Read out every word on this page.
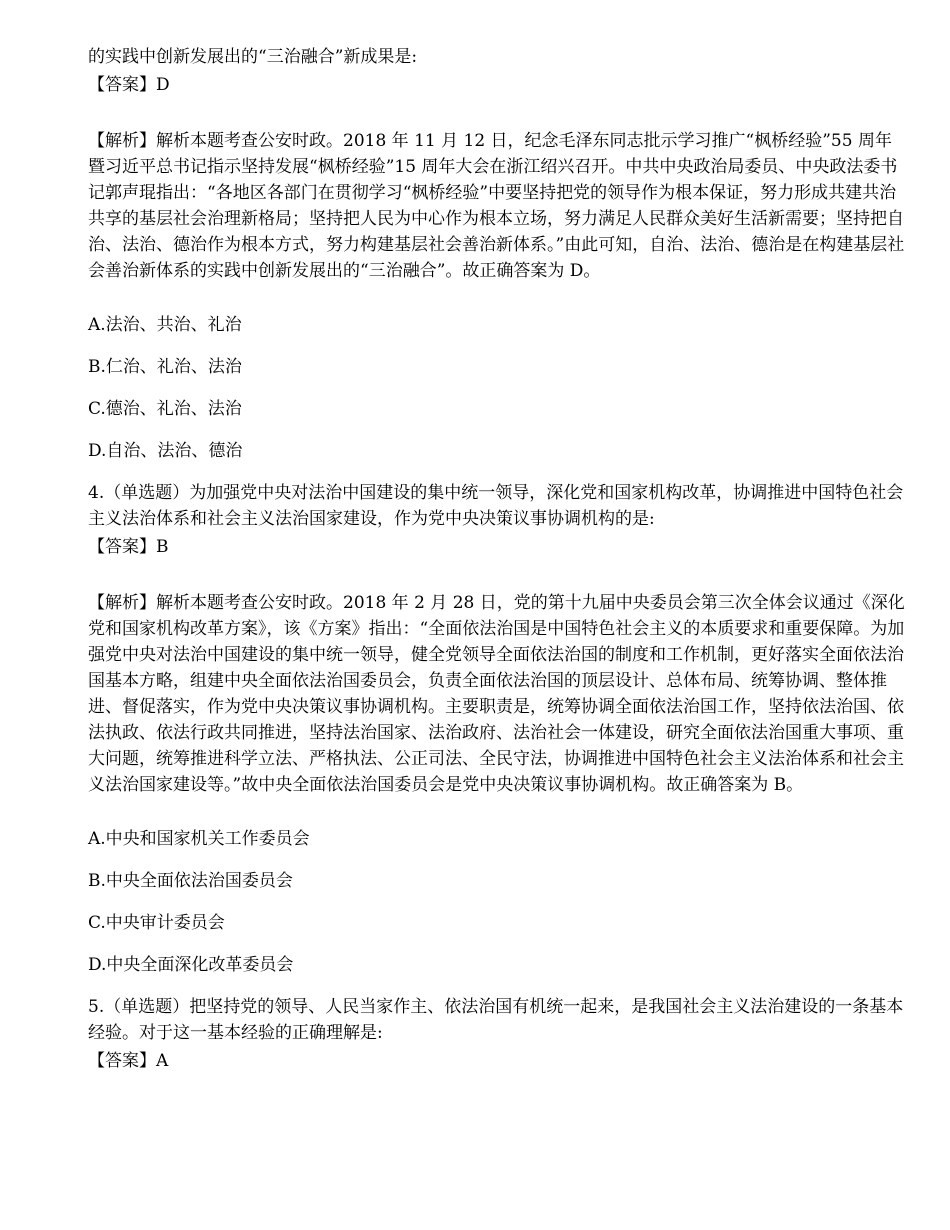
的实践中创新发展出的“三治融合”新成果是:

【答案】D

【解析】解析本题考查公安时政。2018 年 11 月 12 日，纪念毛泽东同志批示学习推广“枫桥经验”55 周年暨习近平总书记指示坚持发展“枫桥经验”15 周年大会在浙江绍兴召开。中共中央政治局委员、中央政法委书记郭声琨指出：“各地区各部门在贯彻学习“枫桥经验”中要坚持把党的领导作为根本保证，努力形成共建共治共享的基层社会治理新格局；坚持把人民为中心作为根本立场，努力满足人民群众美好生活新需要；坚持把自治、法治、德治作为根本方式，努力构建基层社会善治新体系。”由此可知，自治、法治、德治是在构建基层社会善治新体系的实践中创新发展出的“三治融合”。故正确答案为 D。

A.法治、共治、礼治

B.仁治、礼治、法治

C.德治、礼治、法治

D.自治、法治、德治

4.（单选题）为加强党中央对法治中国建设的集中统一领导，深化党和国家机构改革，协调推进中国特色社会主义法治体系和社会主义法治国家建设，作为党中央决策议事协调机构的是:

【答案】B

【解析】解析本题考查公安时政。2018 年 2 月 28 日，党的第十九届中央委员会第三次全体会议通过《深化党和国家机构改革方案》，该《方案》指出：“全面依法治国是中国特色社会主义的本质要求和重要保障。为加强党中央对法治中国建设的集中统一领导，健全党领导全面依法治国的制度和工作机制，更好落实全面依法治国基本方略，组建中央全面依法治国委员会，负责全面依法治国的顶层设计、总体布局、统筹协调、整体推进、督促落实，作为党中央决策议事协调机构。主要职责是，统筹协调全面依法治国工作，坚持依法治国、依法执政、依法行政共同推进，坚持法治国家、法治政府、法治社会一体建设，研究全面依法治国重大事项、重大问题，统筹推进科学立法、严格执法、公正司法、全民守法，协调推进中国特色社会主义法治体系和社会主义法治国家建设等。”故中央全面依法治国委员会是党中央决策议事协调机构。故正确答案为 B。

A.中央和国家机关工作委员会

B.中央全面依法治国委员会

C.中央审计委员会

D.中央全面深化改革委员会

5.（单选题）把坚持党的领导、人民当家作主、依法治国有机统一起来，是我国社会主义法治建设的一条基本经验。对于这一基本经验的正确理解是:

【答案】A
